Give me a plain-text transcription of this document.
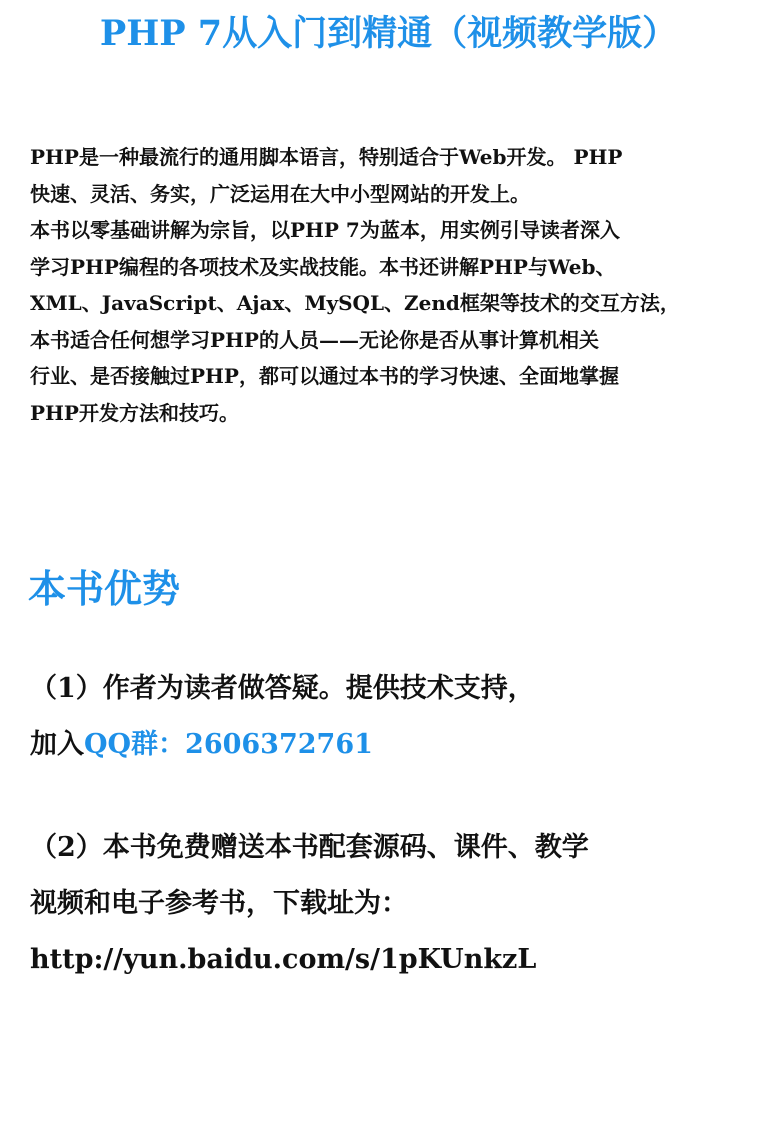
PHP 7从入门到精通（视频教学版）
PHP是一种最流行的通用脚本语言，特别适合于Web开发。 PHP
快速、灵活、务实，广泛运用在大中小型网站的开发上。
本书以零基础讲解为宗旨，以PHP 7为蓝本，用实例引导读者深入
学习PHP编程的各项技术及实战技能。本书还讲解PHP与Web、
XML、JavaScript、Ajax、MySQL、Zend框架等技术的交互方法，
本书适合任何想学习PHP的人员——无论你是否从事计算机相关
行业、是否接触过PHP，都可以通过本书的学习快速、全面地掌握
PHP开发方法和技巧。
本书优势
（1）作者为读者做答疑。提供技术支持，
加入QQ群：2606372761
（2）本书免费赠送本书配套源码、课件、教学
视频和电子参考书，下载址为：
http://yun.baidu.com/s/1pKUnkzL
